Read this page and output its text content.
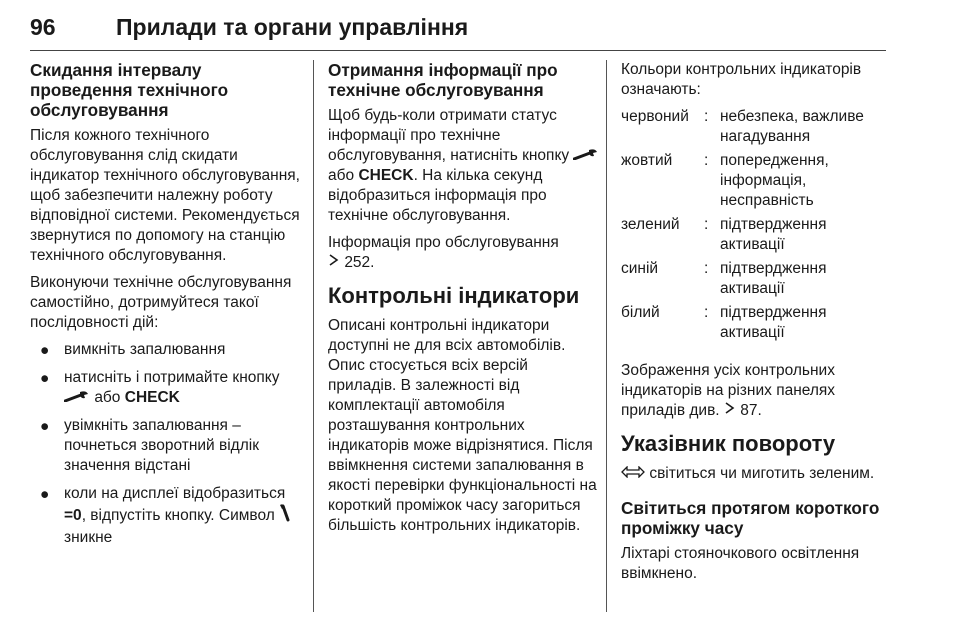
96	Прилади та органи управління
Скидання інтервалу проведення технічного обслуговування

Після кожного технічного обслуговування слід скидати індикатор технічного обслуговування, щоб забезпечити належну роботу відповідної системи. Рекомендується звернутися по допомогу на станцію технічного обслуговування.

Виконуючи технічне обслуговування самостійно, дотримуйтеся такої послідовності дій:

● вимкніть запалювання
● натисніть і потримайте кнопку  або CHECK
● увімкніть запалювання – почнеться зворотний відлік значення відстані
● коли на дисплеї відобразиться =0, відпустіть кнопку. Символ  зникне
Отримання інформації про технічне обслуговування

Щоб будь-коли отримати статус інформації про технічне обслуговування, натисніть кнопку  або CHECK. На кілька секунд відобразиться інформація про технічне обслуговування.

Інформація про обслуговування
252.

Контрольні індикатори

Описані контрольні індикатори доступні не для всіх автомобілів. Опис стосується всіх версій приладів. В залежності від комплектації автомобіля розташування контрольних індикаторів може відрізнятися. Після ввімкнення системи запалювання в якості перевірки функціональності на короткий проміжок часу загориться більшість контрольних індикаторів.

Кольори контрольних індикаторів означають:

червоний	:	небезпека, важливе нагадування
жовтий	:	попередження, інформація, несправність
зелений	:	підтвердження активації
синій	:	підтвердження активації
білий	:	підтвердження активації

Зображення усіх контрольних індикаторів на різних панелях приладів див. 87.

Указівник повороту

світиться чи миготить зеленим.

Світиться протягом короткого проміжку часу

Ліхтарі стояночкового освітлення ввімкнено.
